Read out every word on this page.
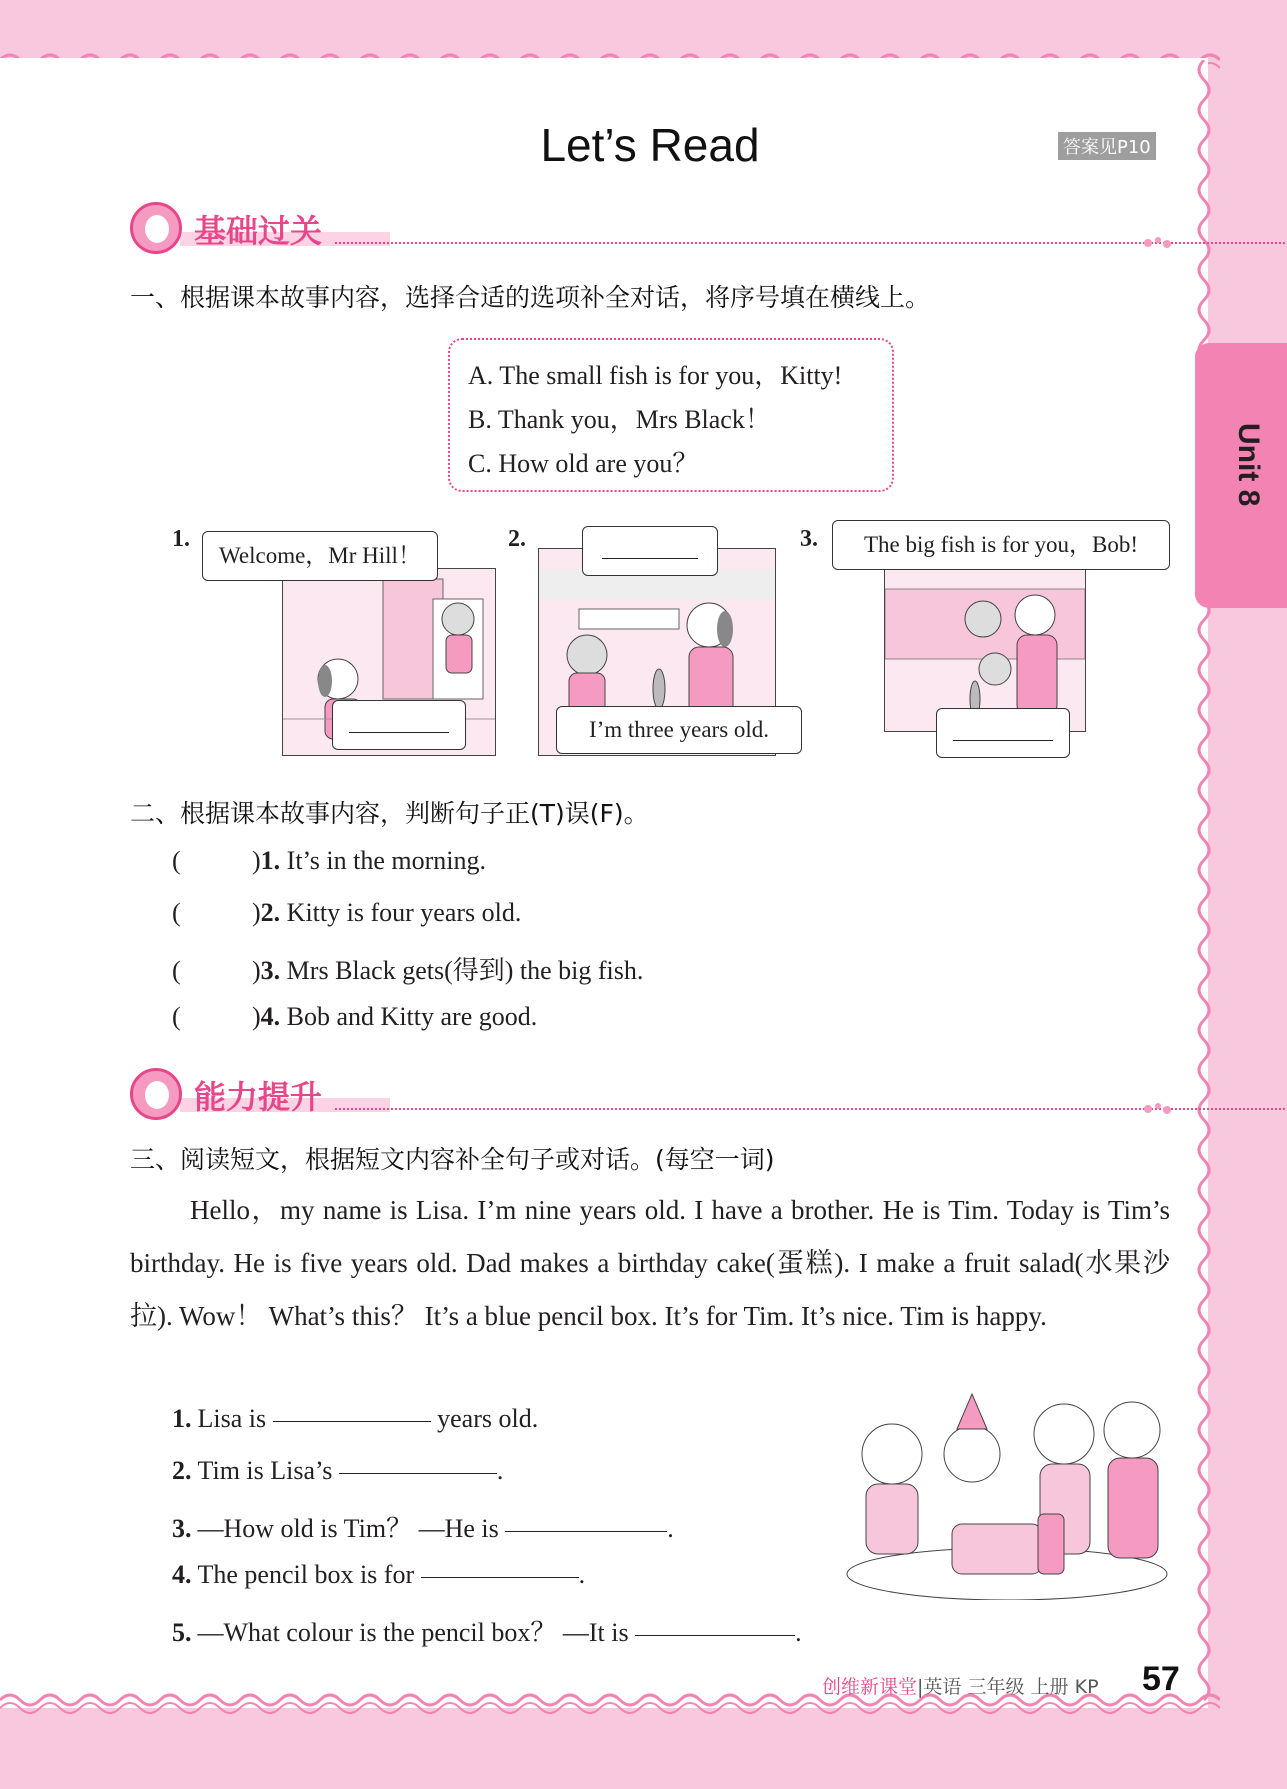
Unit 8
Let’s Read	答案见P10
基础过关
一、根据课本故事内容，选择合适的选项补全对话，将序号填在横线上。
A. The small fish is for you，Kitty!
B. Thank you，Mrs Black！
C. How old are you？
1.
Welcome，Mr Hill！
2.
I’m three years old.
3.	The big fish is for you，Bob!
二、根据课本故事内容，判断句子正(T)误(F)。
(	)1. It’s in the morning.
(	)2. Kitty is four years old.
(	)3. Mrs Black gets(得到) the big fish.
(	)4. Bob and Kitty are good.
能力提升
三、阅读短文，根据短文内容补全句子或对话。(每空一词)
Hello，my name is Lisa. I’m nine years old. I have a brother. He is Tim. Today is Tim’s birthday. He is five years old. Dad makes a birthday cake(蛋糕). I make a fruit salad(水果沙拉). Wow！ What’s this？ It’s a blue pencil box. It’s for Tim. It’s nice. Tim is happy.
1. Lisa is	years old.
2. Tim is Lisa’s	.
3. —How old is Tim？ —He is	.
4. The pencil box is for	.
5. —What colour is the pencil box？ —It is	.
创维新课堂|英语 三年级 上册 KP 57
